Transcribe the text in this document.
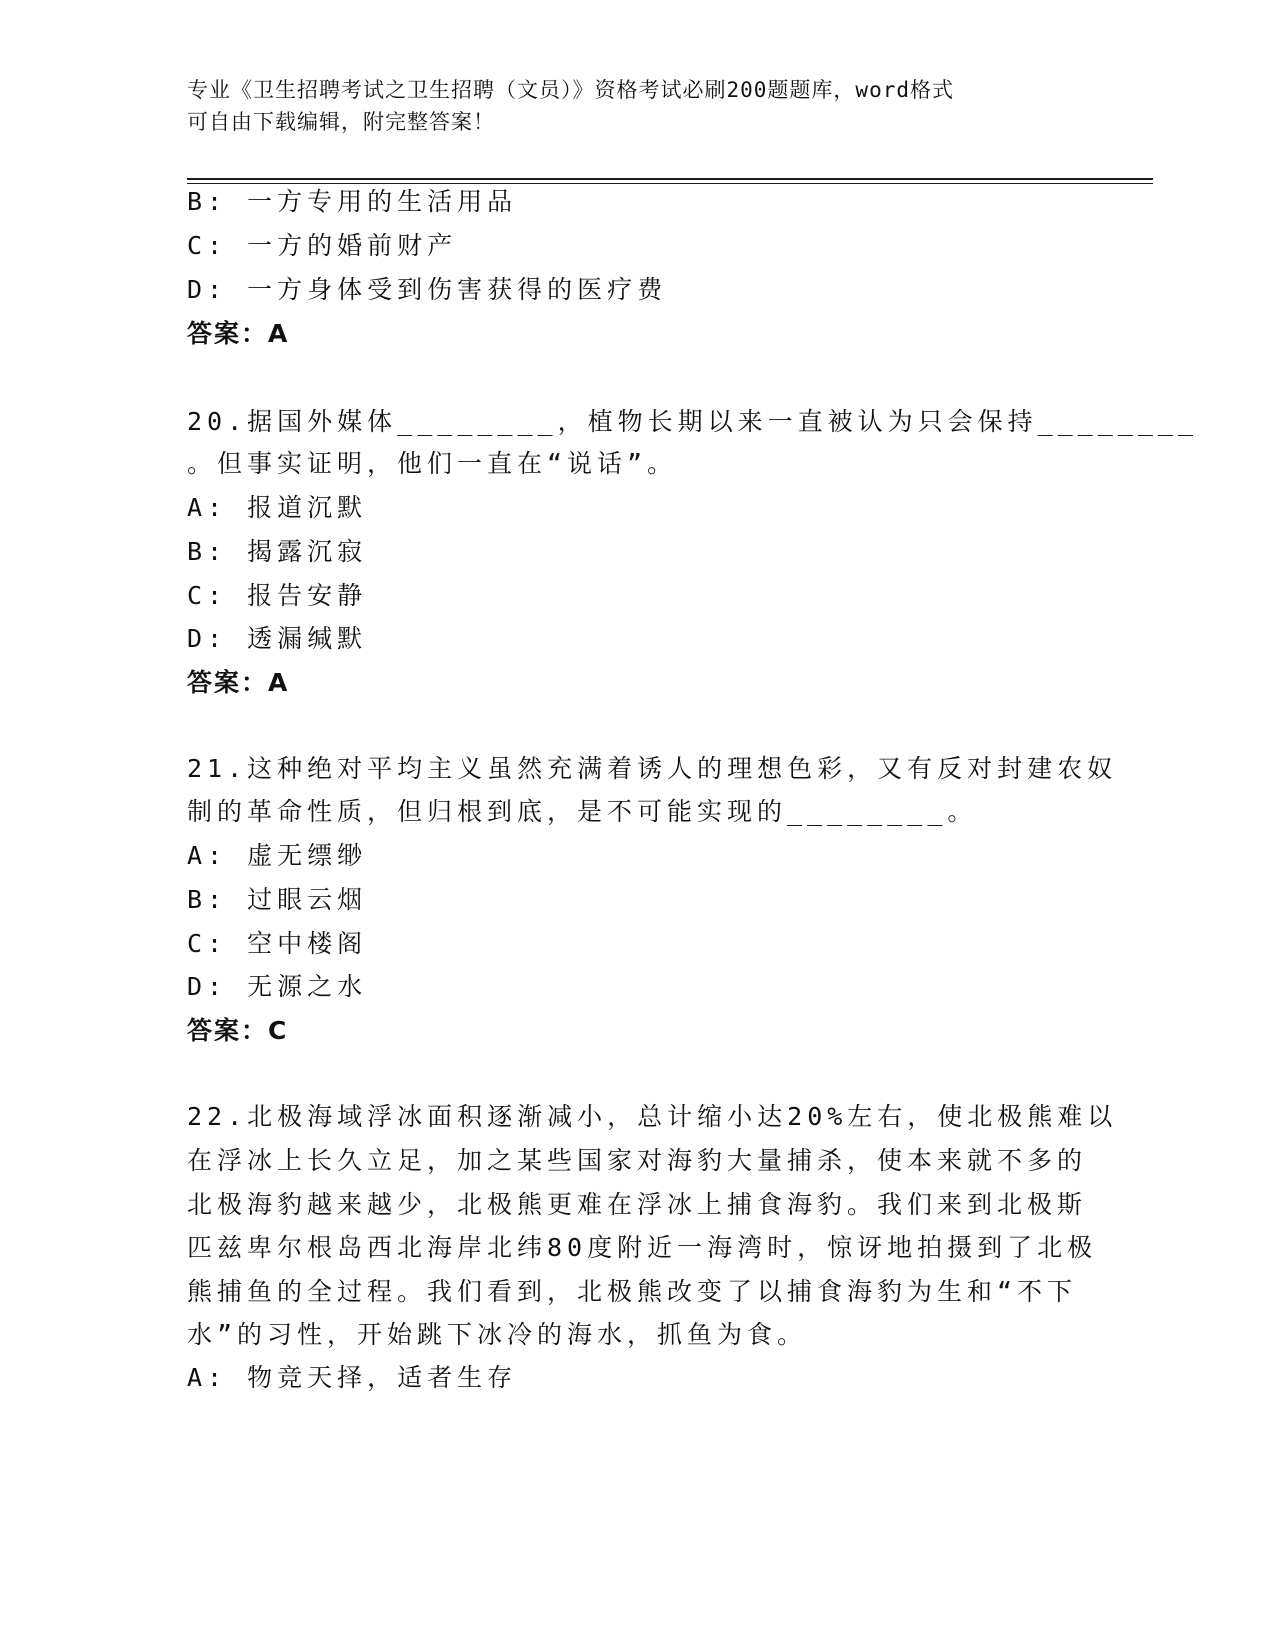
专业《卫生招聘考试之卫生招聘（文员）》资格考试必刷200题题库，word格式
可自由下载编辑，附完整答案！
B: 一方专用的生活用品
C: 一方的婚前财产
D: 一方身体受到伤害获得的医疗费
答案：A
20.据国外媒体________，植物长期以来一直被认为只会保持________
。但事实证明，他们一直在“说话”。
A: 报道沉默
B: 揭露沉寂
C: 报告安静
D: 透漏缄默
答案：A
21.这种绝对平均主义虽然充满着诱人的理想色彩，又有反对封建农奴
制的革命性质，但归根到底，是不可能实现的________。
A: 虚无缥缈
B: 过眼云烟
C: 空中楼阁
D: 无源之水
答案：C
22.北极海域浮冰面积逐渐减小，总计缩小达20%左右，使北极熊难以
在浮冰上长久立足，加之某些国家对海豹大量捕杀，使本来就不多的
北极海豹越来越少，北极熊更难在浮冰上捕食海豹。我们来到北极斯
匹兹卑尔根岛西北海岸北纬80度附近一海湾时，惊讶地拍摄到了北极
熊捕鱼的全过程。我们看到，北极熊改变了以捕食海豹为生和“不下
水”的习性，开始跳下冰冷的海水，抓鱼为食。
A: 物竞天择，适者生存
